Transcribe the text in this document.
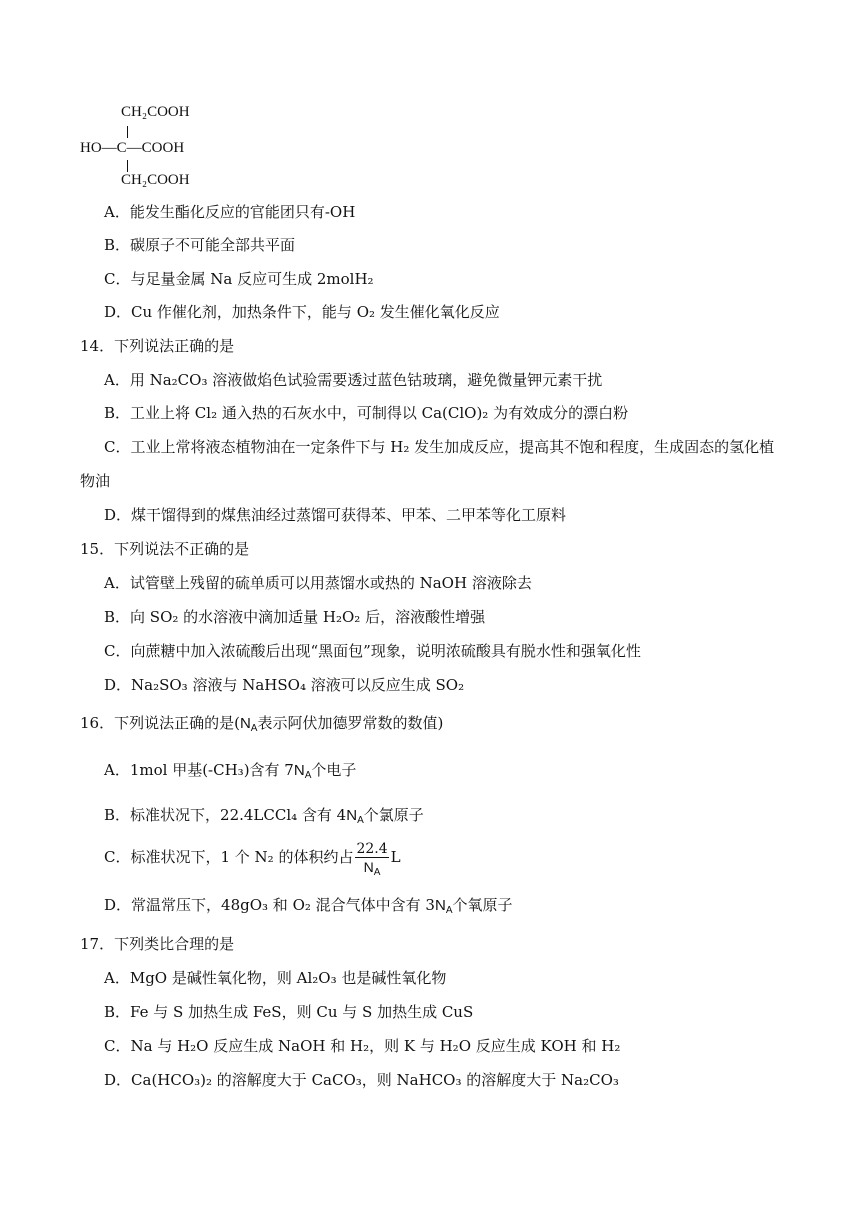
CH₂COOH
HO—C—COOH
CH₂COOH
A．能发生酯化反应的官能团只有-OH
B．碳原子不可能全部共平面
C．与足量金属 Na 反应可生成 2molH₂
D．Cu 作催化剂，加热条件下，能与 O₂ 发生催化氧化反应
14．下列说法正确的是
A．用 Na₂CO₃ 溶液做焰色试验需要透过蓝色钴玻璃，避免微量钾元素干扰
B．工业上将 Cl₂ 通入热的石灰水中，可制得以 Ca(ClO)₂ 为有效成分的漂白粉
C．工业上常将液态植物油在一定条件下与 H₂ 发生加成反应，提高其不饱和程度，生成固态的氢化植
物油
D．煤干馏得到的煤焦油经过蒸馏可获得苯、甲苯、二甲苯等化工原料
15．下列说法不正确的是
A．试管壁上残留的硫单质可以用蒸馏水或热的 NaOH 溶液除去
B．向 SO₂ 的水溶液中滴加适量 H₂O₂ 后，溶液酸性增强
C．向蔗糖中加入浓硫酸后出现“黑面包”现象，说明浓硫酸具有脱水性和强氧化性
D．Na₂SO₃ 溶液与 NaHSO₄ 溶液可以反应生成 SO₂
16．下列说法正确的是($N_A$表示阿伏加德罗常数的数值)
A．1mol 甲基(-CH₃)含有 $7N_A$个电子
B．标准状况下，22.4LCCl₄ 含有 $4N_A$个氯原子
C．标准状况下，1 个 N₂ 的体积约占 $\frac{22.4}{N_A}$ L
D．常温常压下，48gO₃ 和 O₂ 混合气体中含有 $3N_A$个氧原子
17．下列类比合理的是
A．MgO 是碱性氧化物，则 Al₂O₃ 也是碱性氧化物
B．Fe 与 S 加热生成 FeS，则 Cu 与 S 加热生成 CuS
C．Na 与 H₂O 反应生成 NaOH 和 H₂，则 K 与 H₂O 反应生成 KOH 和 H₂
D．Ca(HCO₃)₂ 的溶解度大于 CaCO₃，则 NaHCO₃ 的溶解度大于 Na₂CO₃
